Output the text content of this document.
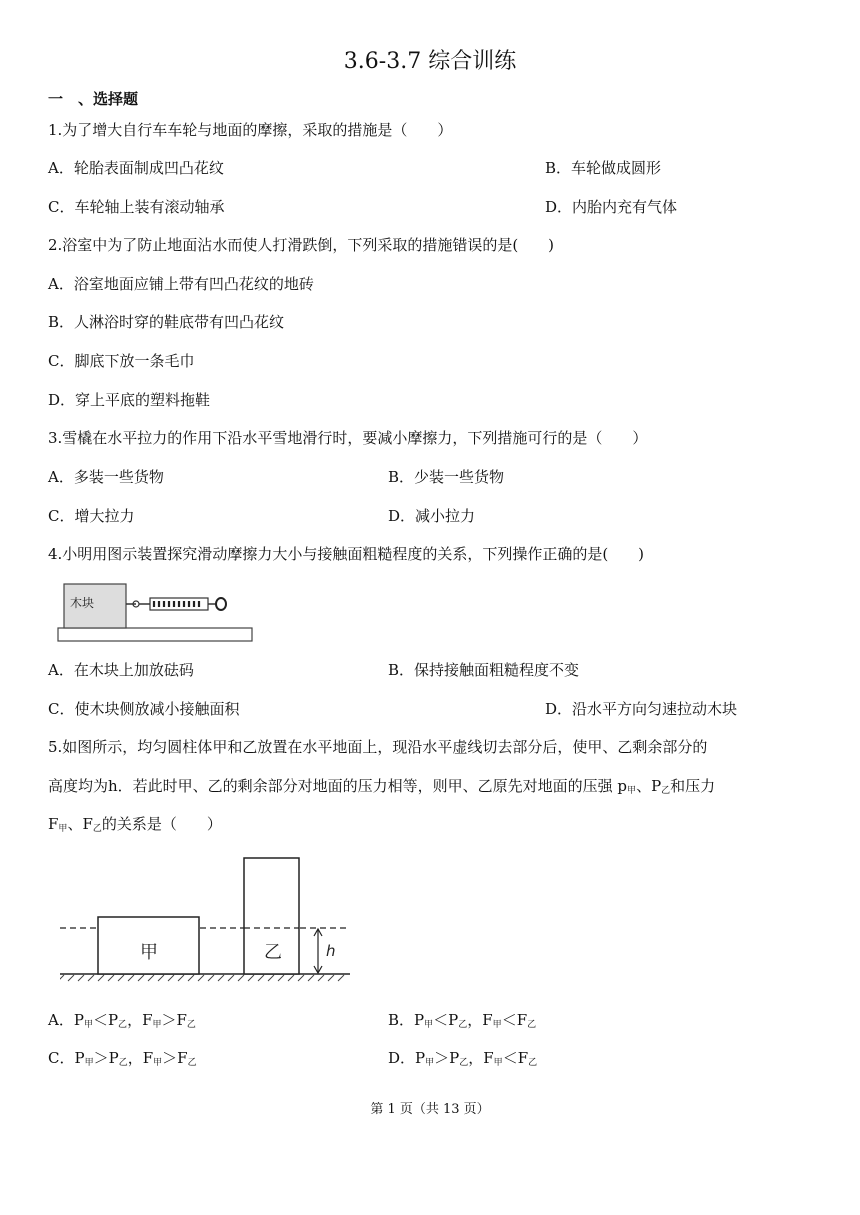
3.6-3.7 综合训练
一　、选择题
1.为了增大自行车车轮与地面的摩擦，采取的措施是（　　）
A．轮胎表面制成凹凸花纹	B．车轮做成圆形
C．车轮轴上装有滚动轴承	D．内胎内充有气体
2.浴室中为了防止地面沾水而使人打滑跌倒，下列采取的措施错误的是(　　)
A．浴室地面应铺上带有凹凸花纹的地砖
B．人淋浴时穿的鞋底带有凹凸花纹
C．脚底下放一条毛巾
D．穿上平底的塑料拖鞋
3.雪橇在水平拉力的作用下沿水平雪地滑行时，要减小摩擦力，下列措施可行的是（　　）
A．多装一些货物	B．少装一些货物
C．增大拉力	D．减小拉力
4.小明用图示装置探究滑动摩擦力大小与接触面粗糙程度的关系，下列操作正确的是(　　)
木块
A．在木块上加放砝码	B．保持接触面粗糙程度不变
C．使木块侧放减小接触面积	D．沿水平方向匀速拉动木块
5.如图所示，均匀圆柱体甲和乙放置在水平地面上，现沿水平虚线切去部分后，使甲、乙剩余部分的
高度均为h．若此时甲、乙的剩余部分对地面的压力相等，则甲、乙原先对地面的压强 $p_甲$、$P_乙$和压力
$F_甲$、$F_乙$的关系是（　　）
甲	乙	h
A．$P_甲<P_乙$，$F_甲>F_乙$	B．$P_甲<P_乙$，$F_甲<F_乙$
C．$P_甲>P_乙$，$F_甲>F_乙$	D．$P_甲>P_乙$，$F_甲<F_乙$
第 1 页（共 13 页）
